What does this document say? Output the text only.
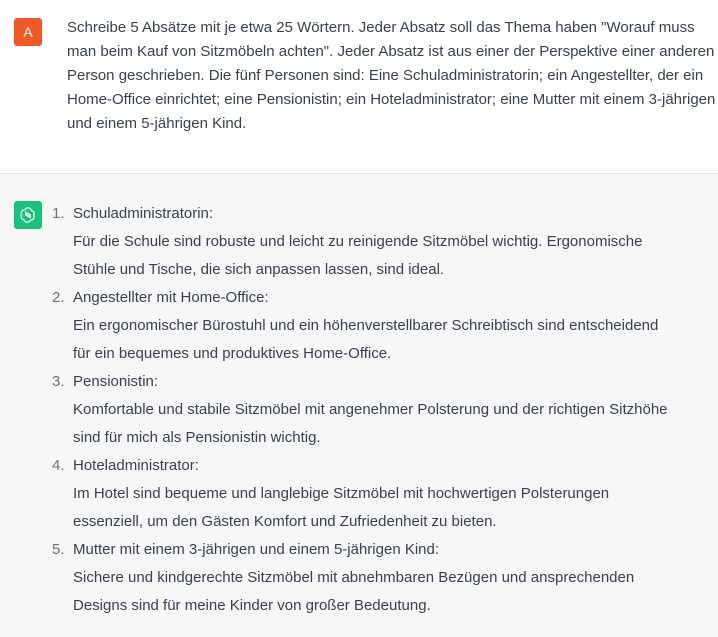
A Schreibe 5 Absätze mit je etwa 25 Wörtern. Jeder Absatz soll das Thema haben "Worauf muss man beim Kauf von Sitzmöbeln achten". Jeder Absatz ist aus einer der Perspektive einer anderen Person geschrieben. Die fünf Personen sind: Eine Schuladministratorin; ein Angestellter, der ein Home-Office einrichtet; eine Pensionistin; ein Hoteladministrator; eine Mutter mit einem 3-jährigen und einem 5-jährigen Kind.

1. Schuladministratorin:
Für die Schule sind robuste und leicht zu reinigende Sitzmöbel wichtig. Ergonomische
Stühle und Tische, die sich anpassen lassen, sind ideal.
2. Angestellter mit Home-Office:
Ein ergonomischer Bürostuhl und ein höhenverstellbarer Schreibtisch sind entscheidend
für ein bequemes und produktives Home-Office.
3. Pensionistin:
Komfortable und stabile Sitzmöbel mit angenehmer Polsterung und der richtigen Sitzhöhe
sind für mich als Pensionistin wichtig.
4. Hoteladministrator:
Im Hotel sind bequeme und langlebige Sitzmöbel mit hochwertigen Polsterungen
essenziell, um den Gästen Komfort und Zufriedenheit zu bieten.
5. Mutter mit einem 3-jährigen und einem 5-jährigen Kind:
Sichere und kindgerechte Sitzmöbel mit abnehmbaren Bezügen und ansprechenden
Designs sind für meine Kinder von großer Bedeutung.
